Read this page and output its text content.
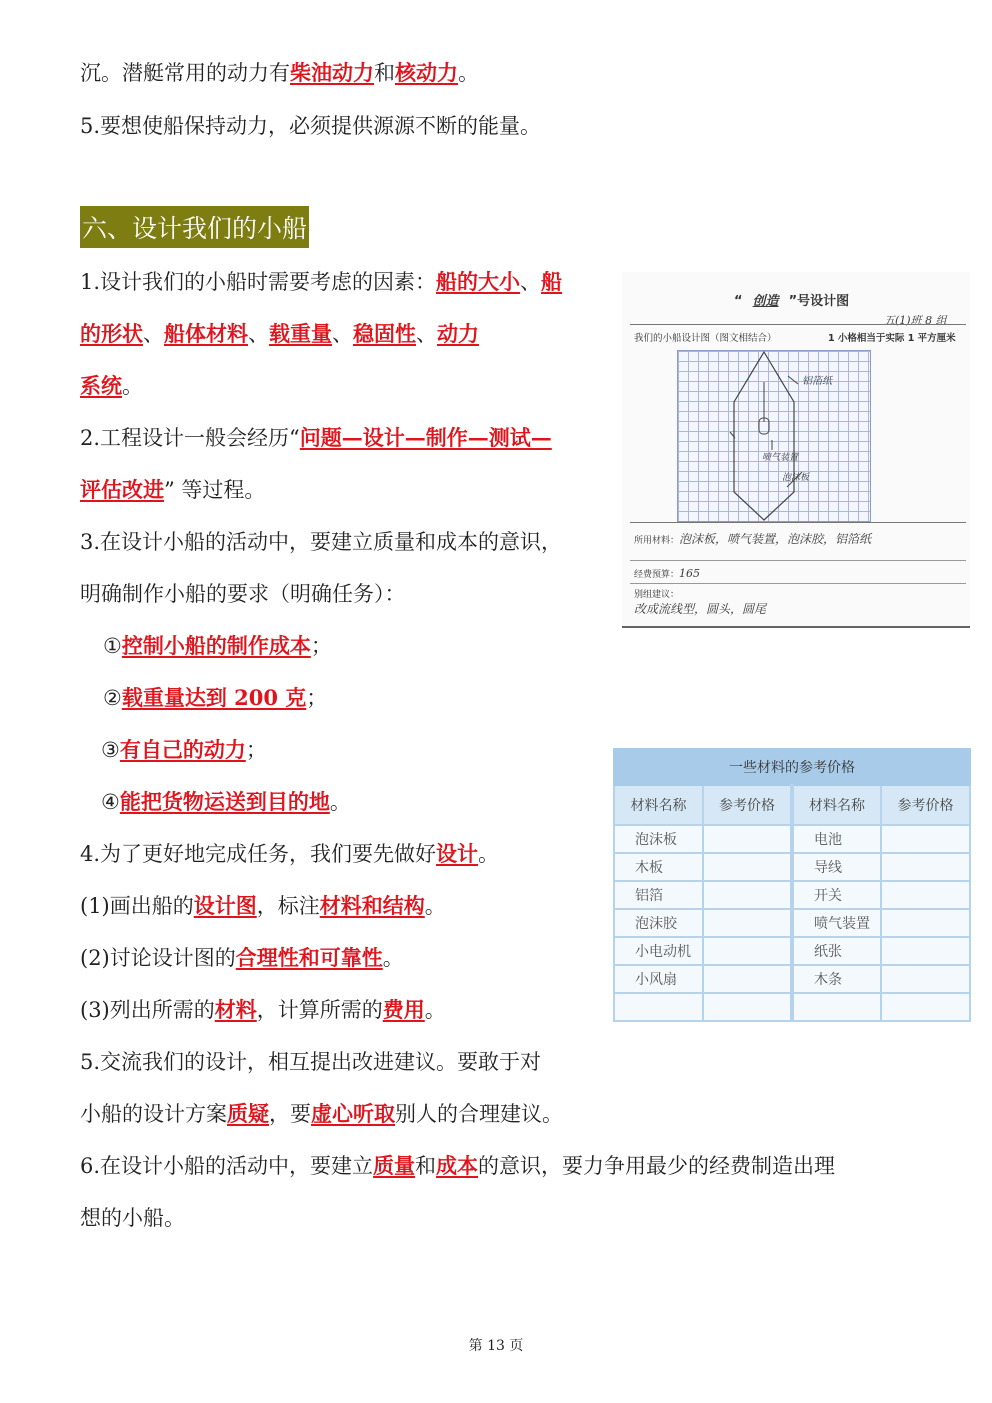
沉。潜艇常用的动力有柴油动力和核动力。
5.要想使船保持动力，必须提供源源不断的能量。
六、设计我们的小船
1.设计我们的小船时需要考虑的因素：船的大小、船
的形状、船体材料、载重量、稳固性、动力
系统。
2.工程设计一般会经历“问题—设计—制作—测试—
评估改进” 等过程。
3.在设计小船的活动中，要建立质量和成本的意识，
明确制作小船的要求（明确任务）：
①控制小船的制作成本；
②载重量达到 200 克；
③有自己的动力；
④能把货物运送到目的地。
4.为了更好地完成任务，我们要先做好设计。
(1)画出船的设计图，标注材料和结构。
(2)讨论设计图的合理性和可靠性。
(3)列出所需的材料，计算所需的费用。
5.交流我们的设计，相互提出改进建议。要敢于对
小船的设计方案质疑，要虚心听取别人的合理建议。
6.在设计小船的活动中，要建立质量和成本的意识，要力争用最少的经费制造出理
想的小船。
“ 创造 ”号设计图
五(1)班 8 组
我们的小船设计图（图文相结合）	1 小格相当于实际 1 平方厘米
铝箔纸
喷气装置
泡沫板
所用材料：泡沫板，喷气装置，泡沫胶，铝箔纸
经费预算：165
别组建议：
改成流线型，圆头，圆尾
一些材料的参考价格			
材料名称	参考价格	材料名称	参考价格
泡沫板		电池	
木板		导线	
铝箔		开关	
泡沫胶		喷气装置	
小电动机		纸张	
小风扇		木条	

第 13 页
